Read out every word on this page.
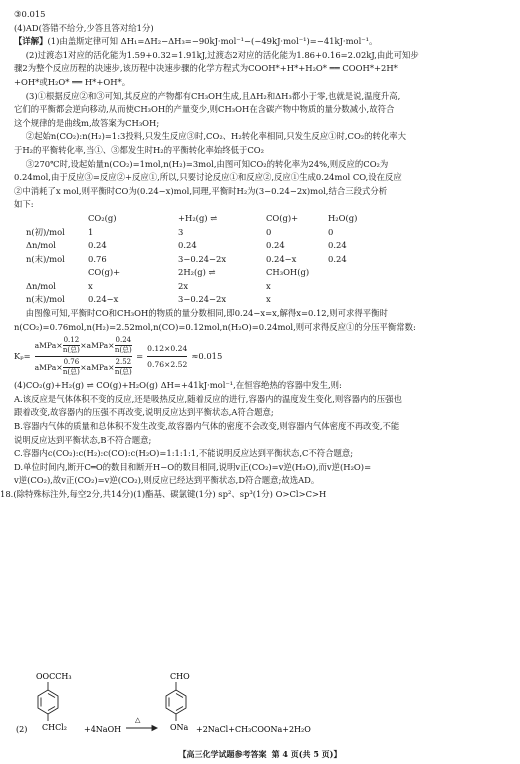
③0.015

(4)AD(答错不给分,少答且答对给1分)

【详解】(1)由盖斯定律可知 ΔH₁=ΔH₂−ΔH₃=−90kJ·mol⁻¹−(−49kJ·mol⁻¹)=−41kJ·mol⁻¹。

(2)过渡态1对应的活化能为1.59+0.32=1.91kJ,过渡态2对应的活化能为1.86+0.16=2.02kJ,由此可知步

骤2为整个反应历程的决速步,该历程中决速步骤的化学方程式为COOH*+H*+H₂O* ══ COOH*+2H*

+OH*或H₂O* ══ H*+OH*。

(3)①根据反应②和③可知,其反应的产物都有CH₃OH生成,且ΔH₂和ΔH₃都小于零,也就是说,温度升高,

它们的平衡都会逆向移动,从而使CH₃OH的产量变少,则CH₃OH在含碳产物中物质的量分数减小,故符合

这个规律的是曲线m,故答案为CH₃OH;

②起始n(CO₂):n(H₂)=1:3投料,只发生反应③时,CO₂、H₂转化率相同,只发生反应①时,CO₂的转化率大

于H₂的平衡转化率,当①、③都发生时H₂的平衡转化率始终低于CO₂

③270℃时,设起始量n(CO₂)=1mol,n(H₂)=3mol,由图可知CO₂的转化率为24%,则反应的CO₂为

0.24mol,由于反应③=反应②+反应①,所以,只要讨论反应①和反应②,反应①生成0.24mol CO,设在反应

②中消耗了x mol,则平衡时CO为(0.24−x)mol,同理,平衡时H₂为(3−0.24−2x)mol,结合三段式分析

如下:

CO₂(g)	+H₂(g) ⇌	CO(g)+	H₂O(g)
n(初)/mol	1	3	0	0
Δn/mol	0.24	0.24	0.24	0.24
n(末)/mol	0.76	3−0.24−2x	0.24−x	0.24
CO(g)+	2H₂(g) ⇌	CH₃OH(g)
Δn/mol	x	2x	x
n(末)/mol	0.24−x	3−0.24−2x	x

由图像可知,平衡时CO和CH₃OH的物质的量分数相同,即0.24−x=x,解得x=0.12,则可求得平衡时

n(CO₂)=0.76mol,n(H₂)=2.52mol,n(CO)=0.12mol,n(H₂O)=0.24mol,则可求得反应①的分压平衡常数:

Kₚ=
aMPa× $\frac{0.12}{\text{n(总)}}$ ×aMPa× $\frac{0.24}{\text{n(总)}}$
aMPa× $\frac{0.76}{\text{n(总)}}$ ×aMPa× $\frac{2.52}{\text{n(总)}}$
=
0.12×0.24
0.76×2.52
≈0.015

(4)CO₂(g)+H₂(g) ⇌ CO(g)+H₂O(g) ΔH=+41kJ·mol⁻¹,在恒容绝热的容器中发生,则:

A.该反应是气体体积不变的反应,还是吸热反应,随着反应的进行,容器内的温度发生变化,则容器内的压强也

跟着改变,故容器内的压强不再改变,说明反应达到平衡状态,A符合题意;

B.容器内气体的质量和总体积不发生改变,故容器内气体的密度不会改变,则容器内气体密度不再改变,不能

说明反应达到平衡状态,B不符合题意;

C.容器内c(CO₂):c(H₂):c(CO):c(H₂O)=1:1:1:1,不能说明反应达到平衡状态,C不符合题意;

D.单位时间内,断开C═O的数目和断开H−O的数目相同,说明v正(CO₂)=v逆(H₂O),而v逆(H₂O)=

v逆(CO₂),故v正(CO₂)=v逆(CO₂),则反应已经达到平衡状态,D符合题意;故选AD。

18.(除特殊标注外,每空2分,共14分)(1)酯基、碳氯键(1分) sp²、sp³(1分) O>Cl>C>H

OOCCH₃
CHCl₂
(2)	+4NaOH
△
CHO
ONa +2NaCl+CH₃COONa+2H₂O
【高三化学试题参考答案 第 4 页(共 5 页)】
